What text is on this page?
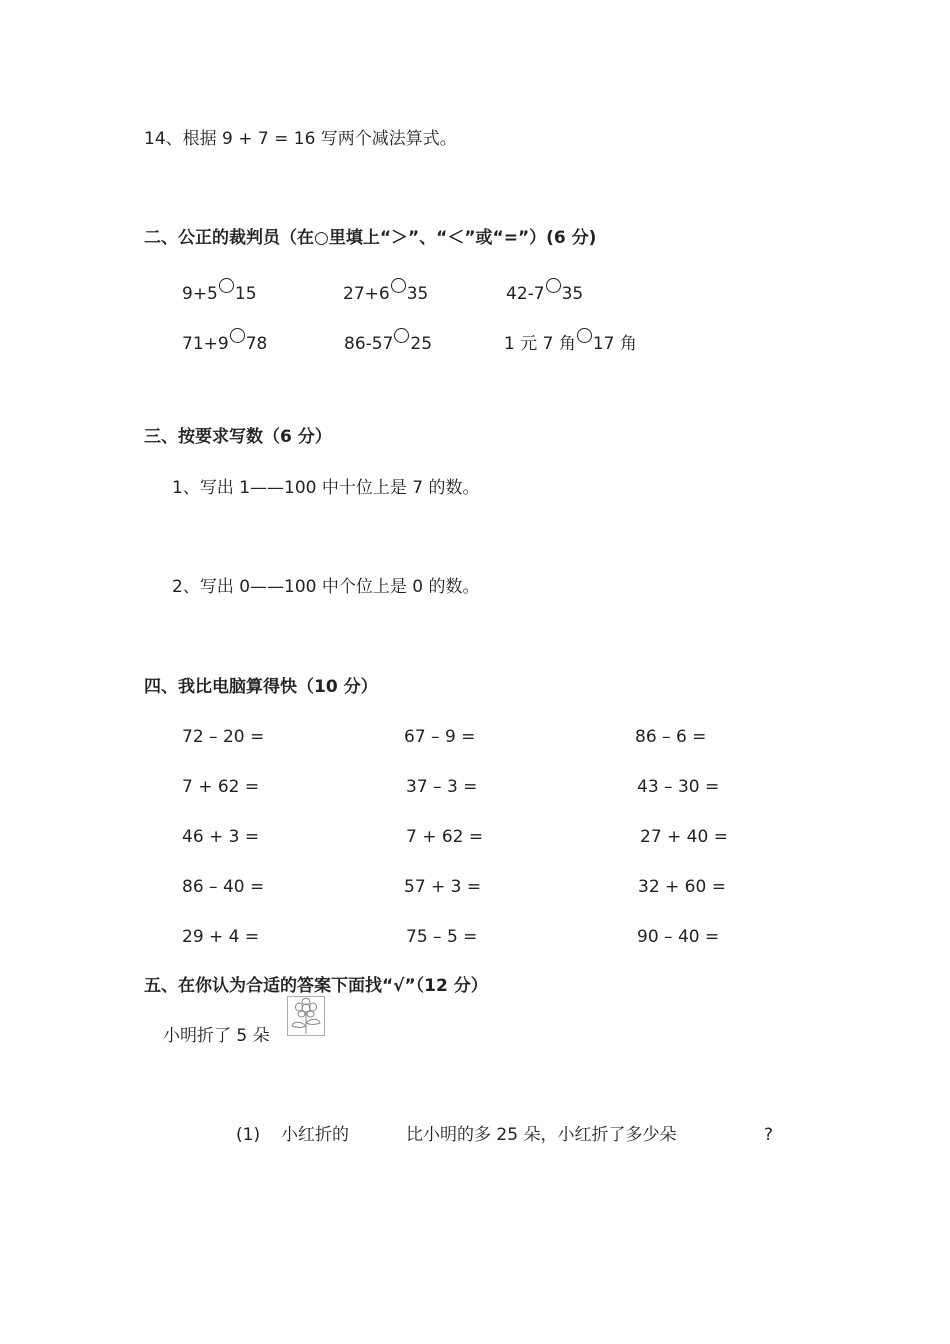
14、根据 9 + 7 = 16 写两个减法算式。
二、公正的裁判员（在○里填上“＞”、“＜”或“=”）(6 分)
9+5 15	27+6 35	42-7 35
71+9 78	86-57 25	1 元 7 角 17 角
三、按要求写数（6 分）
1、写出 1——100 中十位上是 7 的数。
2、写出 0——100 中个位上是 0 的数。
四、我比电脑算得快（10 分）
72 – 20 =	67 – 9 =	86 – 6 =
7 + 62 =	37 – 3 =	43 – 30 =
46 + 3 =	7 + 62 =	27 + 40 =
86 – 40 =	57 + 3 =	32 + 60 =
29 + 4 =	75 – 5 =	90 – 40 =
五、在你认为合适的答案下面找“√”（12 分）
小明折了 5 朵
(1) 小红折的	比小明的多 25 朵，小红折了多少朵	?
